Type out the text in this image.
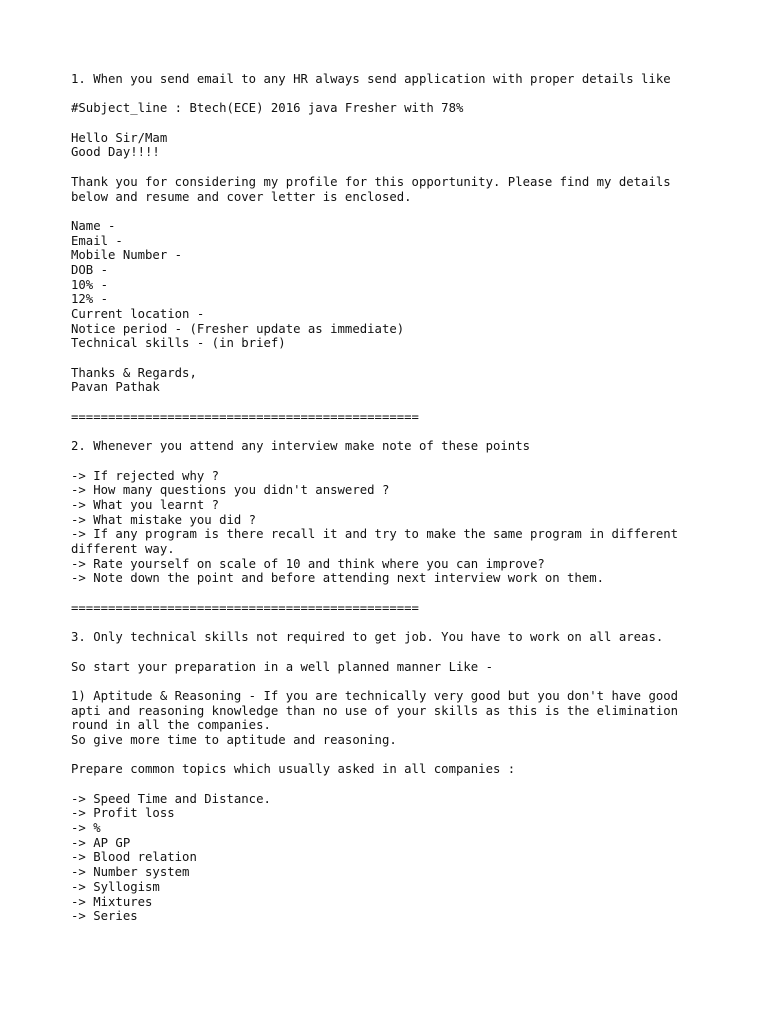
1. When you send email to any HR always send application with proper details like
#Subject_line : Btech(ECE) 2016 java Fresher with 78%
Hello Sir/Mam
Good Day!!!!
Thank you for considering my profile for this opportunity. Please find my details
below and resume and cover letter is enclosed.
Name -
Email -
Mobile Number -
DOB -
10% -
12% -
Current location -
Notice period - (Fresher update as immediate)
Technical skills - (in brief)
Thanks & Regards,
Pavan Pathak
===============================================
2. Whenever you attend any interview make note of these points
-> If rejected why ?
-> How many questions you didn't answered ?
-> What you learnt ?
-> What mistake you did ?
-> If any program is there recall it and try to make the same program in different
different way.
-> Rate yourself on scale of 10 and think where you can improve?
-> Note down the point and before attending next interview work on them.
===============================================
3. Only technical skills not required to get job. You have to work on all areas.
So start your preparation in a well planned manner Like -
1) Aptitude & Reasoning - If you are technically very good but you don't have good
apti and reasoning knowledge than no use of your skills as this is the elimination
round in all the companies.
So give more time to aptitude and reasoning.
Prepare common topics which usually asked in all companies :
-> Speed Time and Distance.
-> Profit loss
-> %
-> AP GP
-> Blood relation
-> Number system
-> Syllogism
-> Mixtures
-> Series
